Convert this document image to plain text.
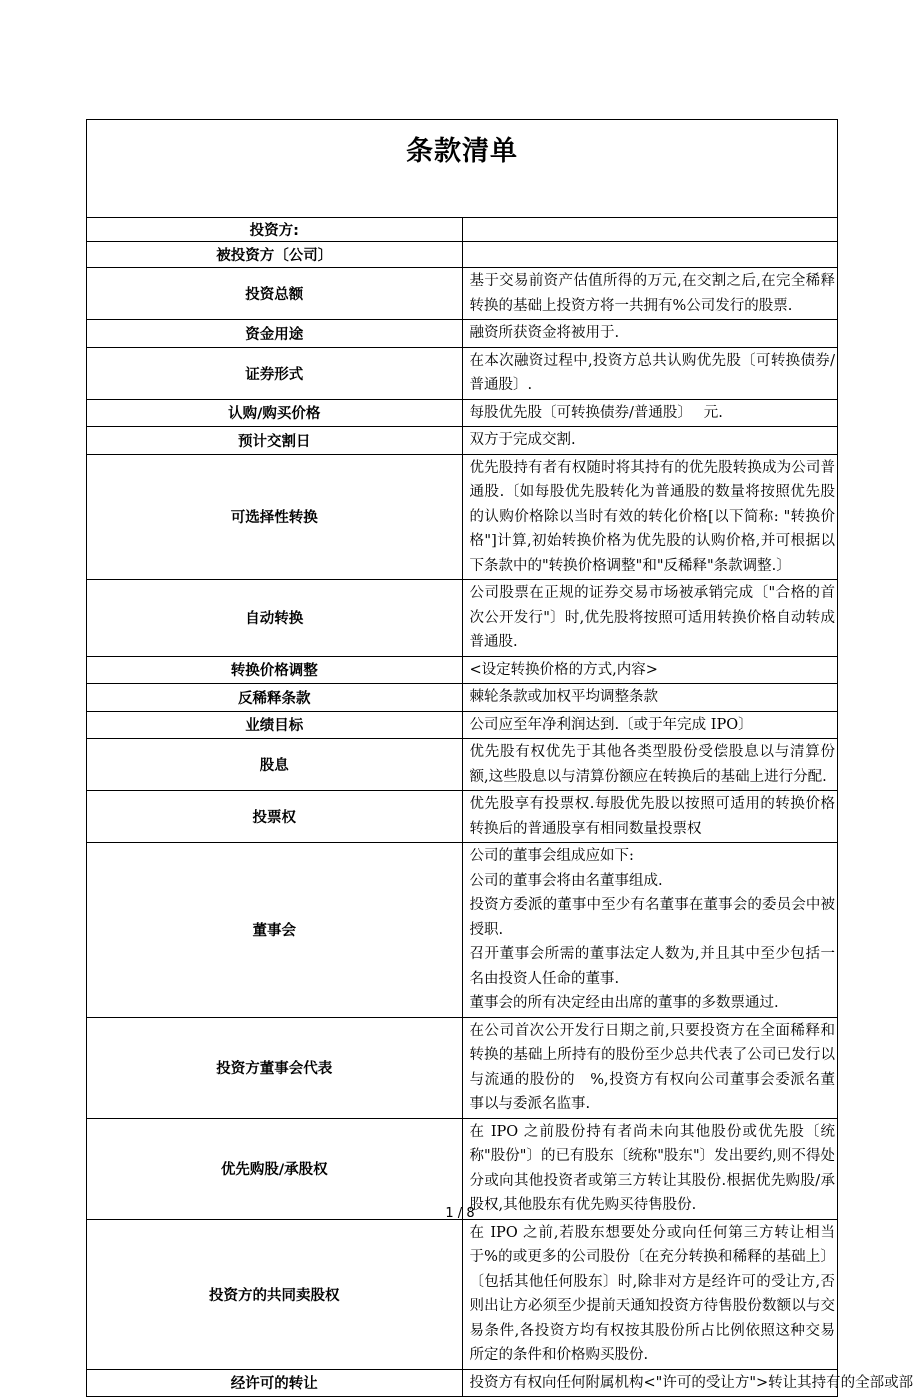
条款清单	

投资方:	
被投资方〔公司〕	
投资总额	基于交易前资产估值所得的万元,在交割之后,在完全稀释转换的基础上投资方将一共拥有%公司发行的股票.
资金用途	融资所获资金将被用于.
证券形式	在本次融资过程中,投资方总共认购优先股〔可转换债券/普通股〕.
认购/购买价格	每股优先股〔可转换债券/普通股〕　 元.
预计交割日	双方于完成交割.
可选择性转换	优先股持有者有权随时将其持有的优先股转换成为公司普通股.〔如每股优先股转化为普通股的数量将按照优先股的认购价格除以当时有效的转化价格[以下简称: "转换价格"]计算,初始转换价格为优先股的认购价格,并可根据以下条款中的"转换价格调整"和"反稀释"条款调整.〕
自动转换	公司股票在正规的证券交易市场被承销完成〔"合格的首次公开发行"〕时,优先股将按照可适用转换价格自动转成普通股.
转换价格调整	<设定转换价格的方式,内容>
反稀释条款	棘轮条款或加权平均调整条款
业绩目标	公司应至年净利润达到.〔或于年完成 IPO〕
股息	优先股有权优先于其他各类型股份受偿股息以与清算份额,这些股息以与清算份额应在转换后的基础上进行分配.
投票权	优先股享有投票权.每股优先股以按照可适用的转换价格转换后的普通股享有相同数量投票权
董事会	公司的董事会组成应如下:

公司的董事会将由名董事组成.

投资方委派的董事中至少有名董事在董事会的委员会中被授职.

召开董事会所需的董事法定人数为,并且其中至少包括一名由投资人任命的董事.

董事会的所有决定经由出席的董事的多数票通过.

投资方董事会代表	在公司首次公开发行日期之前,只要投资方在全面稀释和转换的基础上所持有的股份至少总共代表了公司已发行以与流通的股份的　%,投资方有权向公司董事会委派名董事以与委派名监事.
优先购股/承股权	在 IPO 之前股份持有者尚未向其他股份或优先股〔统称"股份"〕的已有股东〔统称"股东"〕发出要约,则不得处分或向其他投资者或第三方转让其股份.根据优先购股/承股权,其他股东有优先购买待售股份.
投资方的共同卖股权	在 IPO 之前,若股东想要处分或向任何第三方转让相当于%的或更多的公司股份〔在充分转换和稀释的基础上〕〔包括其他任何股东〕时,除非对方是经许可的受让方,否则出让方必须至少提前天通知投资方待售股份数额以与交易条件,各投资方均有权按其股份所占比例依照这种交易所定的条件和价格购买股份.
经许可的转让	投资方有权向任何附属机构<"许可的受让方">转让其持有的全部或部
1 / 8
